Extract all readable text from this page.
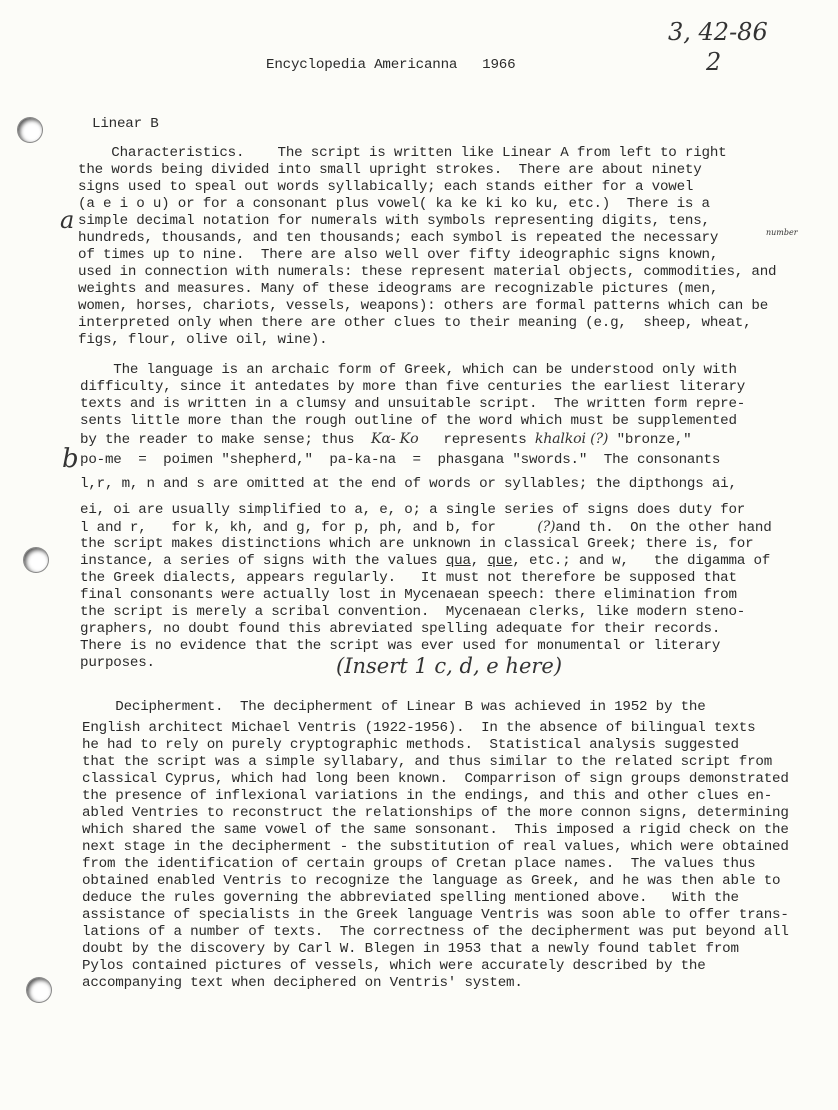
3, 42-86
2
a	number
b
(Insert 1 c, d, e here)
Encyclopedia Americanna   1966
Linear B
Characteristics.    The script is written like Linear A from left to right
the words being divided into small upright strokes.  There are about ninety
signs used to speal out words syllabically; each stands either for a vowel
(a e i o u) or for a consonant plus vowel( ka ke ki ko ku, etc.)  There is a
simple decimal notation for numerals with symbols representing digits, tens,
hundreds, thousands, and ten thousands; each symbol is repeated the necessary
of times up to nine.  There are also well over fifty ideographic signs known,
used in connection with numerals: these represent material objects, commodities, and
weights and measures. Many of these ideograms are recognizable pictures (men,
women, horses, chariots, vessels, weapons): others are formal patterns which can be
interpreted only when there are other clues to their meaning (e.g,  sheep, wheat,
figs, flour, olive oil, wine).
The language is an archaic form of Greek, which can be understood only with
difficulty, since it antedates by more than five centuries the earliest literary
texts and is written in a clumsy and unsuitable script.  The written form repre-
sents little more than the rough outline of the word which must be supplemented
by the reader to make sense; thus  Kα- Κο   represents khalkoi (?) "bronze,"
po-me  =  poimen "shepherd,"  pa-ka-na  =  phasgana "swords."  The consonants
l,r, m, n and s are omitted at the end of words or syllables; the dipthongs ai,
ei, oi are usually simplified to a, e, o; a single series of signs does duty for
l and r,   for k, kh, and g, for p, ph, and b, for     (?)and th.  On the other hand
the script makes distinctions which are unknown in classical Greek; there is, for
instance, a series of signs with the values qua, que, etc.; and w,   the digamma of
the Greek dialects, appears regularly.   It must not therefore be supposed that
final consonants were actually lost in Mycenaean speech: there elimination from
the script is merely a scribal convention.  Mycenaean clerks, like modern steno-
graphers, no doubt found this abreviated spelling adequate for their records.
There is no evidence that the script was ever used for monumental or literary
purposes.
Decipherment.  The decipherment of Linear B was achieved in 1952 by the
English architect Michael Ventris (1922-1956).  In the absence of bilingual texts
he had to rely on purely cryptographic methods.  Statistical analysis suggested
that the script was a simple syllabary, and thus similar to the related script from
classical Cyprus, which had long been known.  Comparrison of sign groups demonstrated
the presence of inflexional variations in the endings, and this and other clues en-
abled Ventries to reconstruct the relationships of the more connon signs, determining
which shared the same vowel of the same sonsonant.  This imposed a rigid check on the
next stage in the decipherment - the substitution of real values, which were obtained
from the identification of certain groups of Cretan place names.  The values thus
obtained enabled Ventris to recognize the language as Greek, and he was then able to
deduce the rules governing the abbreviated spelling mentioned above.   With the
assistance of specialists in the Greek language Ventris was soon able to offer trans-
lations of a number of texts.  The correctness of the decipherment was put beyond all
doubt by the discovery by Carl W. Blegen in 1953 that a newly found tablet from
Pylos contained pictures of vessels, which were accurately described by the
accompanying text when deciphered on Ventris' system.
